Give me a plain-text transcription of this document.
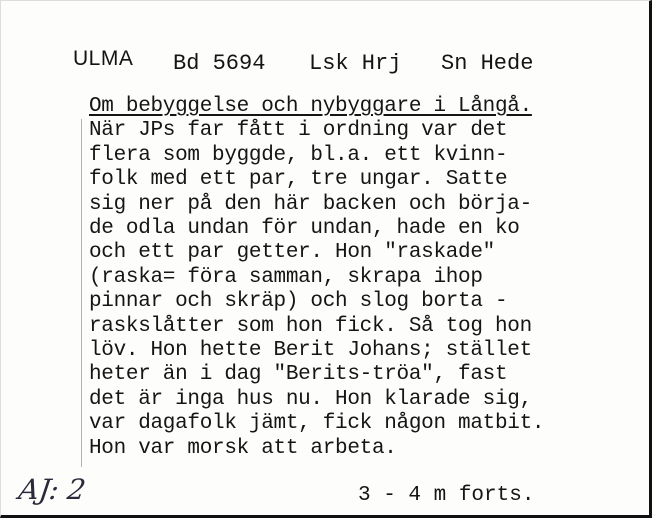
ULMA Bd 5694 Lsk Hrj Sn Hede
Om bebyggelse och nybyggare i Långå.
När JPs far fått i ordning var det
flera som byggde, bl.a. ett kvinn-
folk med ett par, tre ungar. Satte
sig ner på den här backen och börja-
de odla undan för undan, hade en ko
och ett par getter. Hon "raskade"
(raska= föra samman, skrapa ihop
pinnar och skräp) och slog borta -
raskslåtter som hon fick. Så tog hon
löv. Hon hette Berit Johans; stället
heter än i dag "Berits-tröa", fast
det är inga hus nu. Hon klarade sig,
var dagafolk jämt, fick någon matbit.
Hon var morsk att arbeta.
AJ: 2	3 - 4 m forts.
